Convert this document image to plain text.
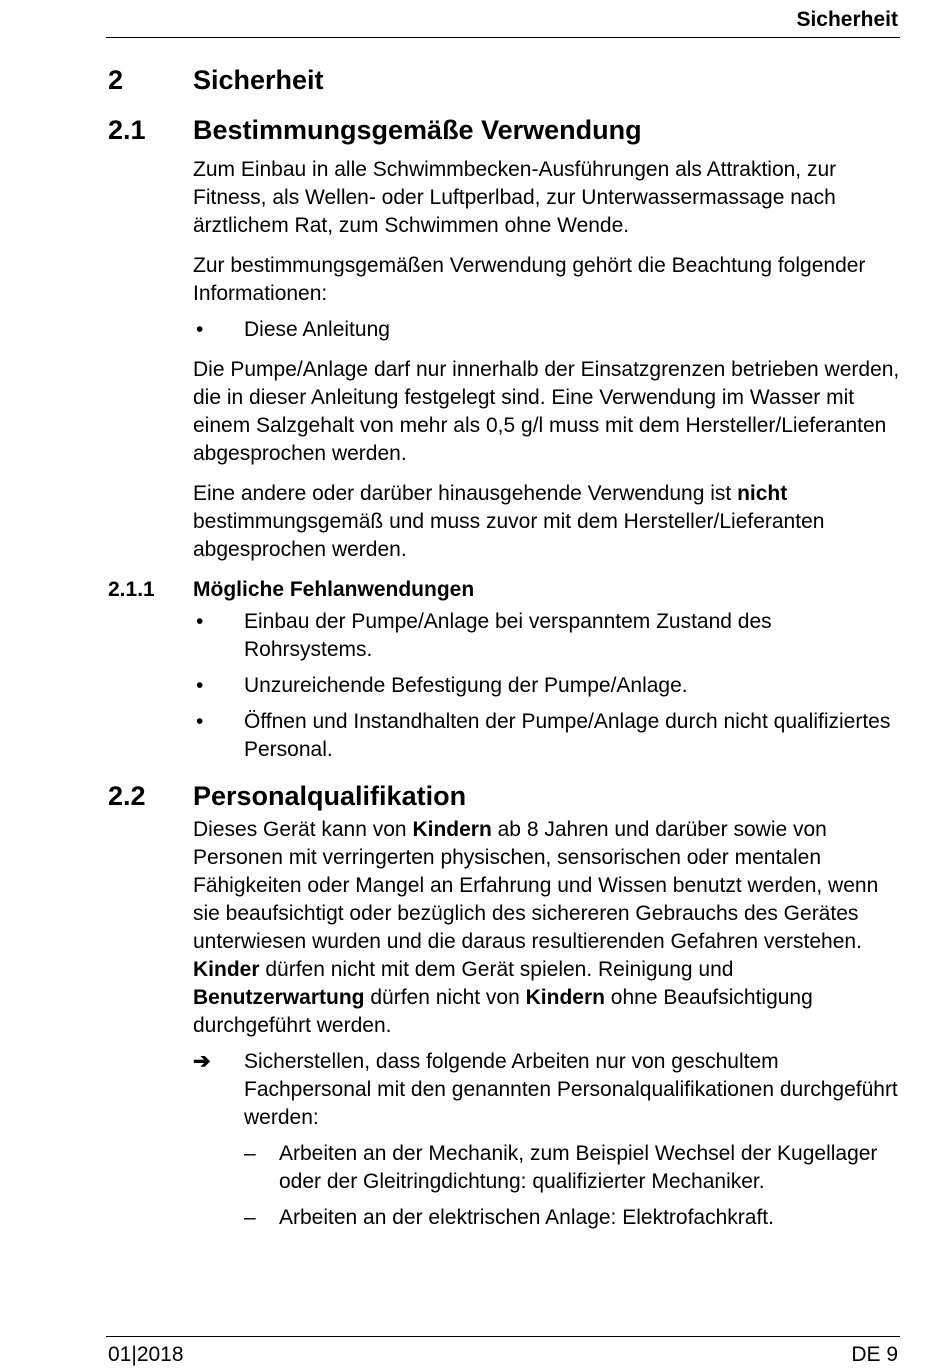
Sicherheit
2	Sicherheit
2.1	Bestimmungsgemäße Verwendung
Zum Einbau in alle Schwimmbecken-Ausführungen als Attraktion, zur Fitness, als Wellen- oder Luftperlbad, zur Unterwassermassage nach ärztlichem Rat, zum Schwimmen ohne Wende.
Zur bestimmungsgemäßen Verwendung gehört die Beachtung folgender Informationen:
•	Diese Anleitung
Die Pumpe/Anlage darf nur innerhalb der Einsatzgrenzen betrieben werden, die in dieser Anleitung festgelegt sind. Eine Verwendung im Wasser mit einem Salzgehalt von mehr als 0,5 g/l muss mit dem Hersteller/Lieferanten abgesprochen werden.
Eine andere oder darüber hinausgehende Verwendung ist nicht bestimmungsgemäß und muss zuvor mit dem Hersteller/Lieferanten abgesprochen werden.
2.1.1	Mögliche Fehlanwendungen
•	Einbau der Pumpe/Anlage bei verspanntem Zustand des Rohrsystems.
•	Unzureichende Befestigung der Pumpe/Anlage.
•	Öffnen und Instandhalten der Pumpe/Anlage durch nicht qualifiziertes Personal.
2.2	Personalqualifikation
Dieses Gerät kann von Kindern ab 8 Jahren und darüber sowie von Personen mit verringerten physischen, sensorischen oder mentalen Fähigkeiten oder Mangel an Erfahrung und Wissen benutzt werden, wenn sie beaufsichtigt oder bezüglich des sichereren Gebrauchs des Gerätes unterwiesen wurden und die daraus resultierenden Gefahren verstehen. Kinder dürfen nicht mit dem Gerät spielen. Reinigung und Benutzerwartung dürfen nicht von Kindern ohne Beaufsichtigung durchgeführt werden.
➔	Sicherstellen, dass folgende Arbeiten nur von geschultem Fachpersonal mit den genannten Personalqualifikationen durchgeführt werden:
–	Arbeiten an der Mechanik, zum Beispiel Wechsel der Kugellager oder der Gleitringdichtung: qualifizierter Mechaniker.
–	Arbeiten an der elektrischen Anlage: Elektrofachkraft.
01|2018	DE 9
